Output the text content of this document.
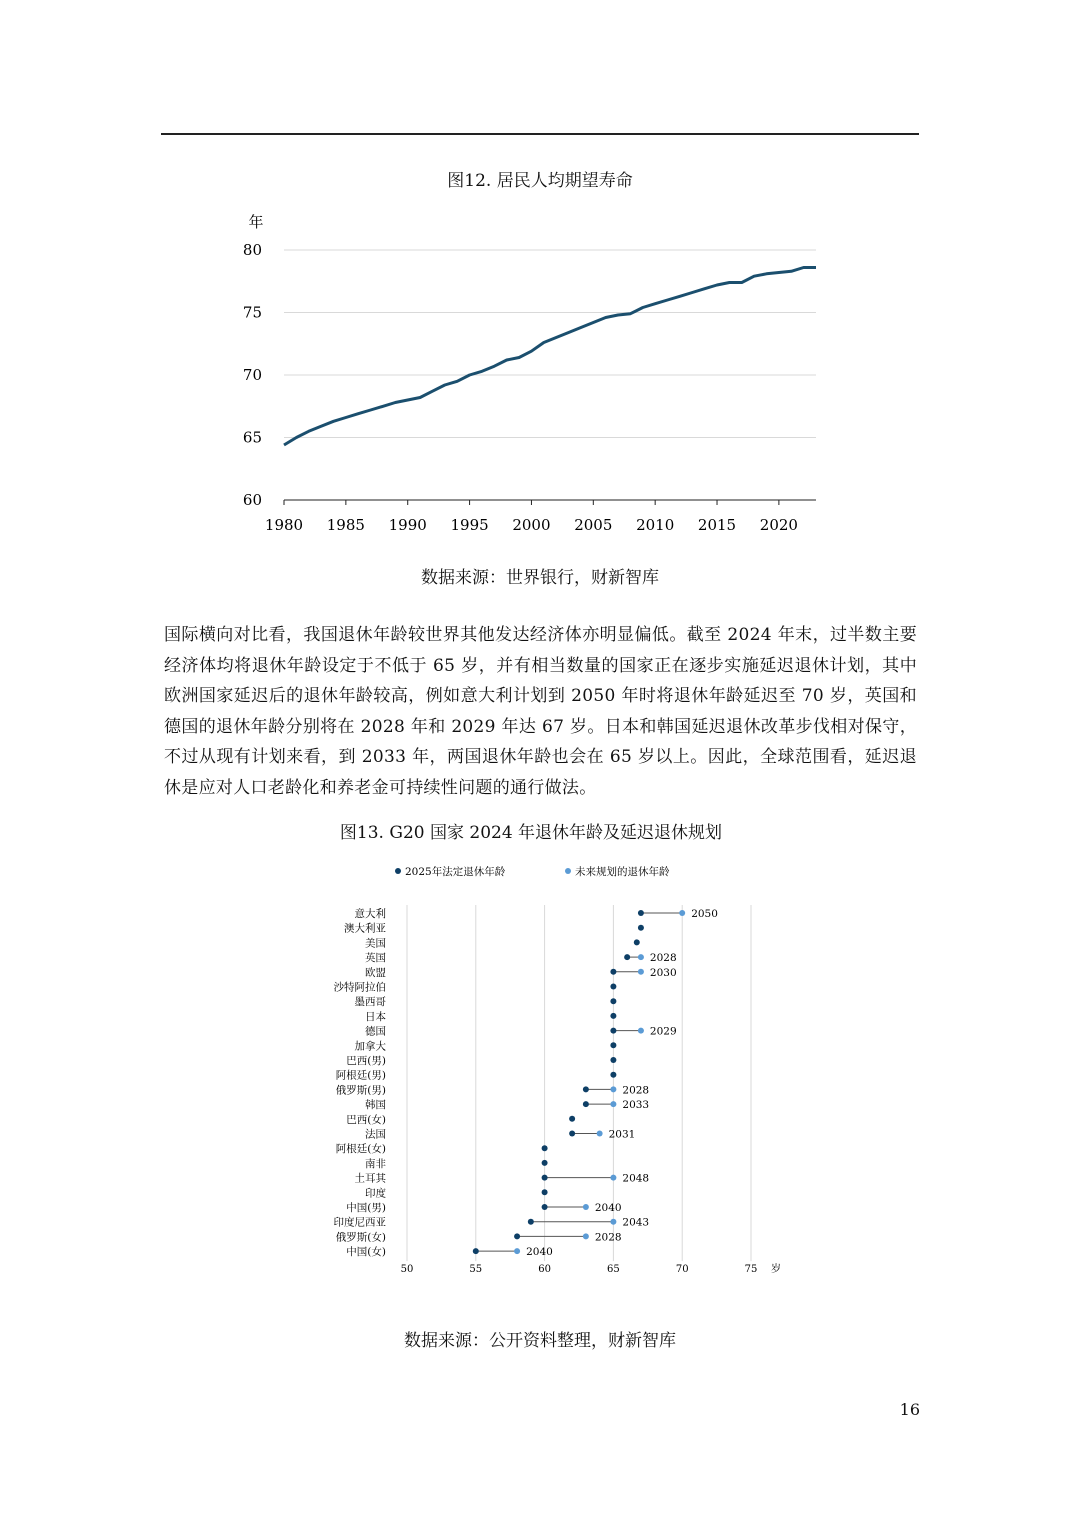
图12. 居民人均期望寿命
年
60
65
70
75
80
1980 1985 1990 1995 2000 2005 2010 2015 2020
数据来源：世界银行，财新智库
国际横向对比看，我国退休年龄较世界其他发达经济体亦明显偏低。截至 2024 年末，过半数主要经济体均将退休年龄设定于不低于 65 岁，并有相当数量的国家正在逐步实施延迟退休计划，其中欧洲国家延迟后的退休年龄较高，例如意大利计划到 2050 年时将退休年龄延迟至 70 岁，英国和德国的退休年龄分别将在 2028 年和 2029 年达 67 岁。日本和韩国延迟退休改革步伐相对保守，不过从现有计划来看，到 2033 年，两国退休年龄也会在 65 岁以上。因此，全球范围看，延迟退休是应对人口老龄化和养老金可持续性问题的通行做法。
图13. G20 国家 2024 年退休年龄及延迟退休规划
2025年法定退休年龄	未来规划的退休年龄
50	55	60	65	70	75 岁
意大利	2050
澳大利亚
美国
英国	2028
欧盟	2030
沙特阿拉伯
墨西哥
日本
德国	2029
加拿大
巴西(男)
阿根廷(男)
俄罗斯(男)	2028
韩国	2033
巴西(女)
法国	2031
阿根廷(女)
南非
土耳其	2048
印度
中国(男)	2040
印度尼西亚	2043
俄罗斯(女)	2028
中国(女)	2040
数据来源：公开资料整理，财新智库
16
